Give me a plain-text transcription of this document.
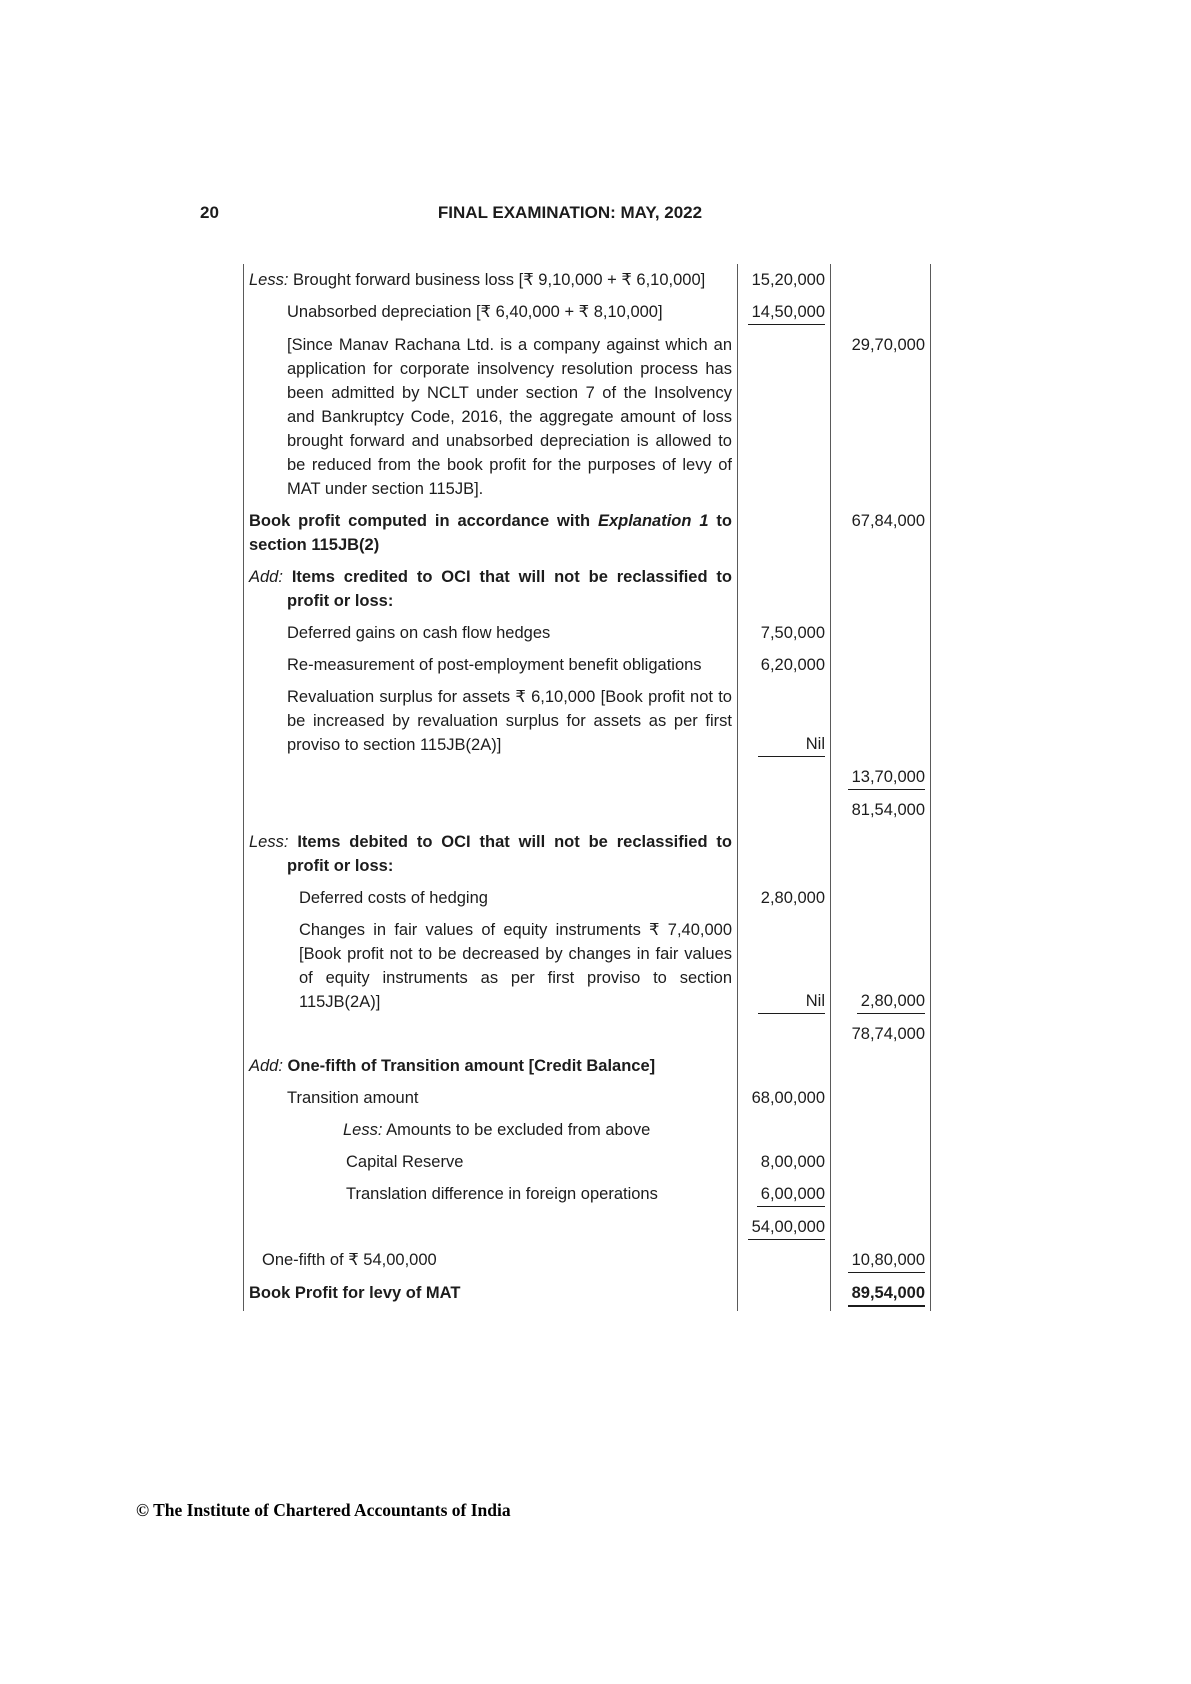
20	FINAL EXAMINATION: MAY, 2022
Less: Brought forward business loss [₹ 9,10,000 + ₹ 6,10,000]	15,20,000	

Unabsorbed depreciation [₹ 6,40,000 + ₹ 8,10,000]	14,50,000	

[Since Manav Rachana Ltd. is a company against which an application for corporate insolvency resolution process has been admitted by NCLT under section 7 of the Insolvency and Bankruptcy Code, 2016, the aggregate amount of loss brought forward and unabsorbed depreciation is allowed to be reduced from the book profit for the purposes of levy of MAT under section 115JB].		29,70,000

Book profit computed in accordance with Explanation 1 to section 115JB(2)		67,84,000

Add: Items credited to OCI that will not be reclassified to profit or loss:		

Deferred gains on cash flow hedges	7,50,000	

Re-measurement of post-employment benefit obligations	6,20,000	

Revaluation surplus for assets ₹ 6,10,000 [Book profit not to be increased by revaluation surplus for assets as per first proviso to section 115JB(2A)]	Nil	

		13,70,000

		81,54,000

Less: Items debited to OCI that will not be reclassified to profit or loss:		

Deferred costs of hedging	2,80,000	

Changes in fair values of equity instruments ₹ 7,40,000 [Book profit not to be decreased by changes in fair values of equity instruments as per first proviso to section 115JB(2A)]	Nil	2,80,000

		78,74,000

Add: One-fifth of Transition amount [Credit Balance]		

Transition amount	68,00,000	

Less: Amounts to be excluded from above		

Capital Reserve	8,00,000	

Translation difference in foreign operations	6,00,000	

	54,00,000	

One-fifth of ₹ 54,00,000		10,80,000

Book Profit for levy of MAT		89,54,000
© The Institute of Chartered Accountants of India
